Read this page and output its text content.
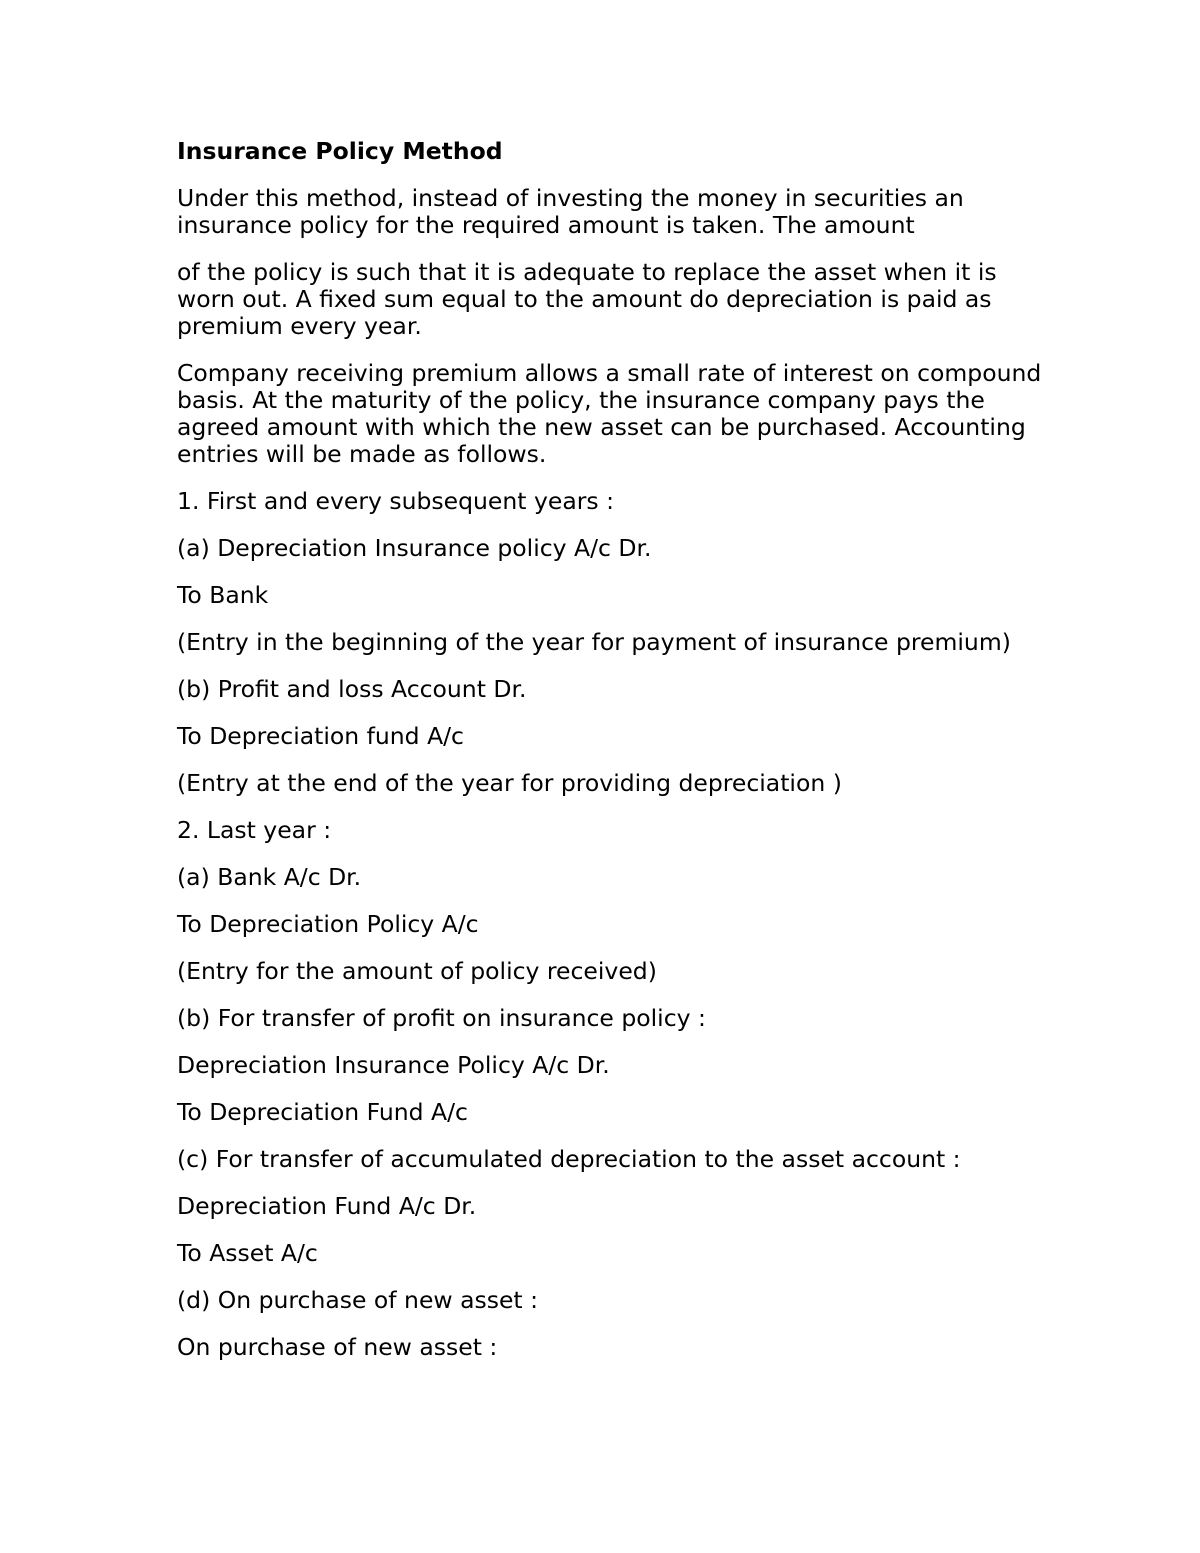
Insurance Policy Method

Under this method, instead of investing the money in securities an insurance policy for the required amount is taken. The amount

of the policy is such that it is adequate to replace the asset when it is worn out. A fixed sum equal to the amount do depreciation is paid as premium every year.

Company receiving premium allows a small rate of interest on compound basis. At the maturity of the policy, the insurance company pays the agreed amount with which the new asset can be purchased. Accounting entries will be made as follows.

1. First and every subsequent years :

(a) Depreciation Insurance policy A/c Dr.

To Bank

(Entry in the beginning of the year for payment of insurance premium)

(b) Profit and loss Account Dr.

To Depreciation fund A/c

(Entry at the end of the year for providing depreciation )

2. Last year :

(a) Bank A/c Dr.

To Depreciation Policy A/c

(Entry for the amount of policy received)

(b) For transfer of profit on insurance policy :

Depreciation Insurance Policy A/c Dr.

To Depreciation Fund A/c

(c) For transfer of accumulated depreciation to the asset account :

Depreciation Fund A/c Dr.

To Asset A/c

(d) On purchase of new asset :

On purchase of new asset :
